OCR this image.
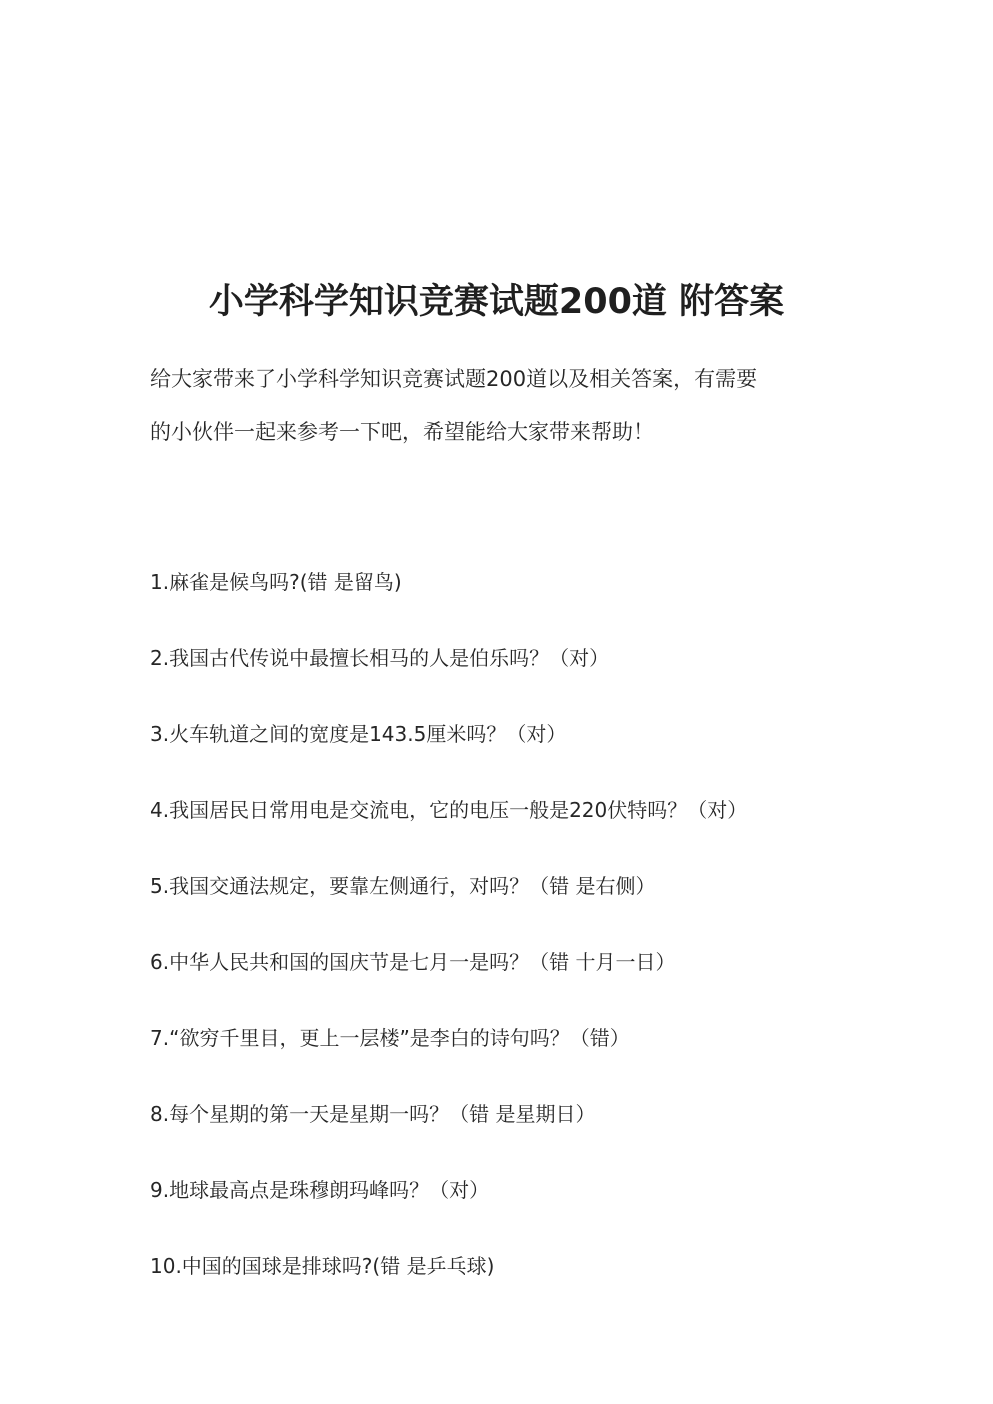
小学科学知识竞赛试题200道 附答案

给大家带来了小学科学知识竞赛试题200道以及相关答案，有需要
的小伙伴一起来参考一下吧，希望能给大家带来帮助！

1.麻雀是候鸟吗?(错 是留鸟)
2.我国古代传说中最擅长相马的人是伯乐吗？（对）
3.火车轨道之间的宽度是143.5厘米吗？（对）
4.我国居民日常用电是交流电，它的电压一般是220伏特吗？（对）
5.我国交通法规定，要靠左侧通行，对吗？（错 是右侧）
6.中华人民共和国的国庆节是七月一是吗？（错 十月一日）
7.“欲穷千里目，更上一层楼”是李白的诗句吗？（错）
8.每个星期的第一天是星期一吗？（错 是星期日）
9.地球最高点是珠穆朗玛峰吗？（对）
10.中国的国球是排球吗?(错 是乒乓球)
